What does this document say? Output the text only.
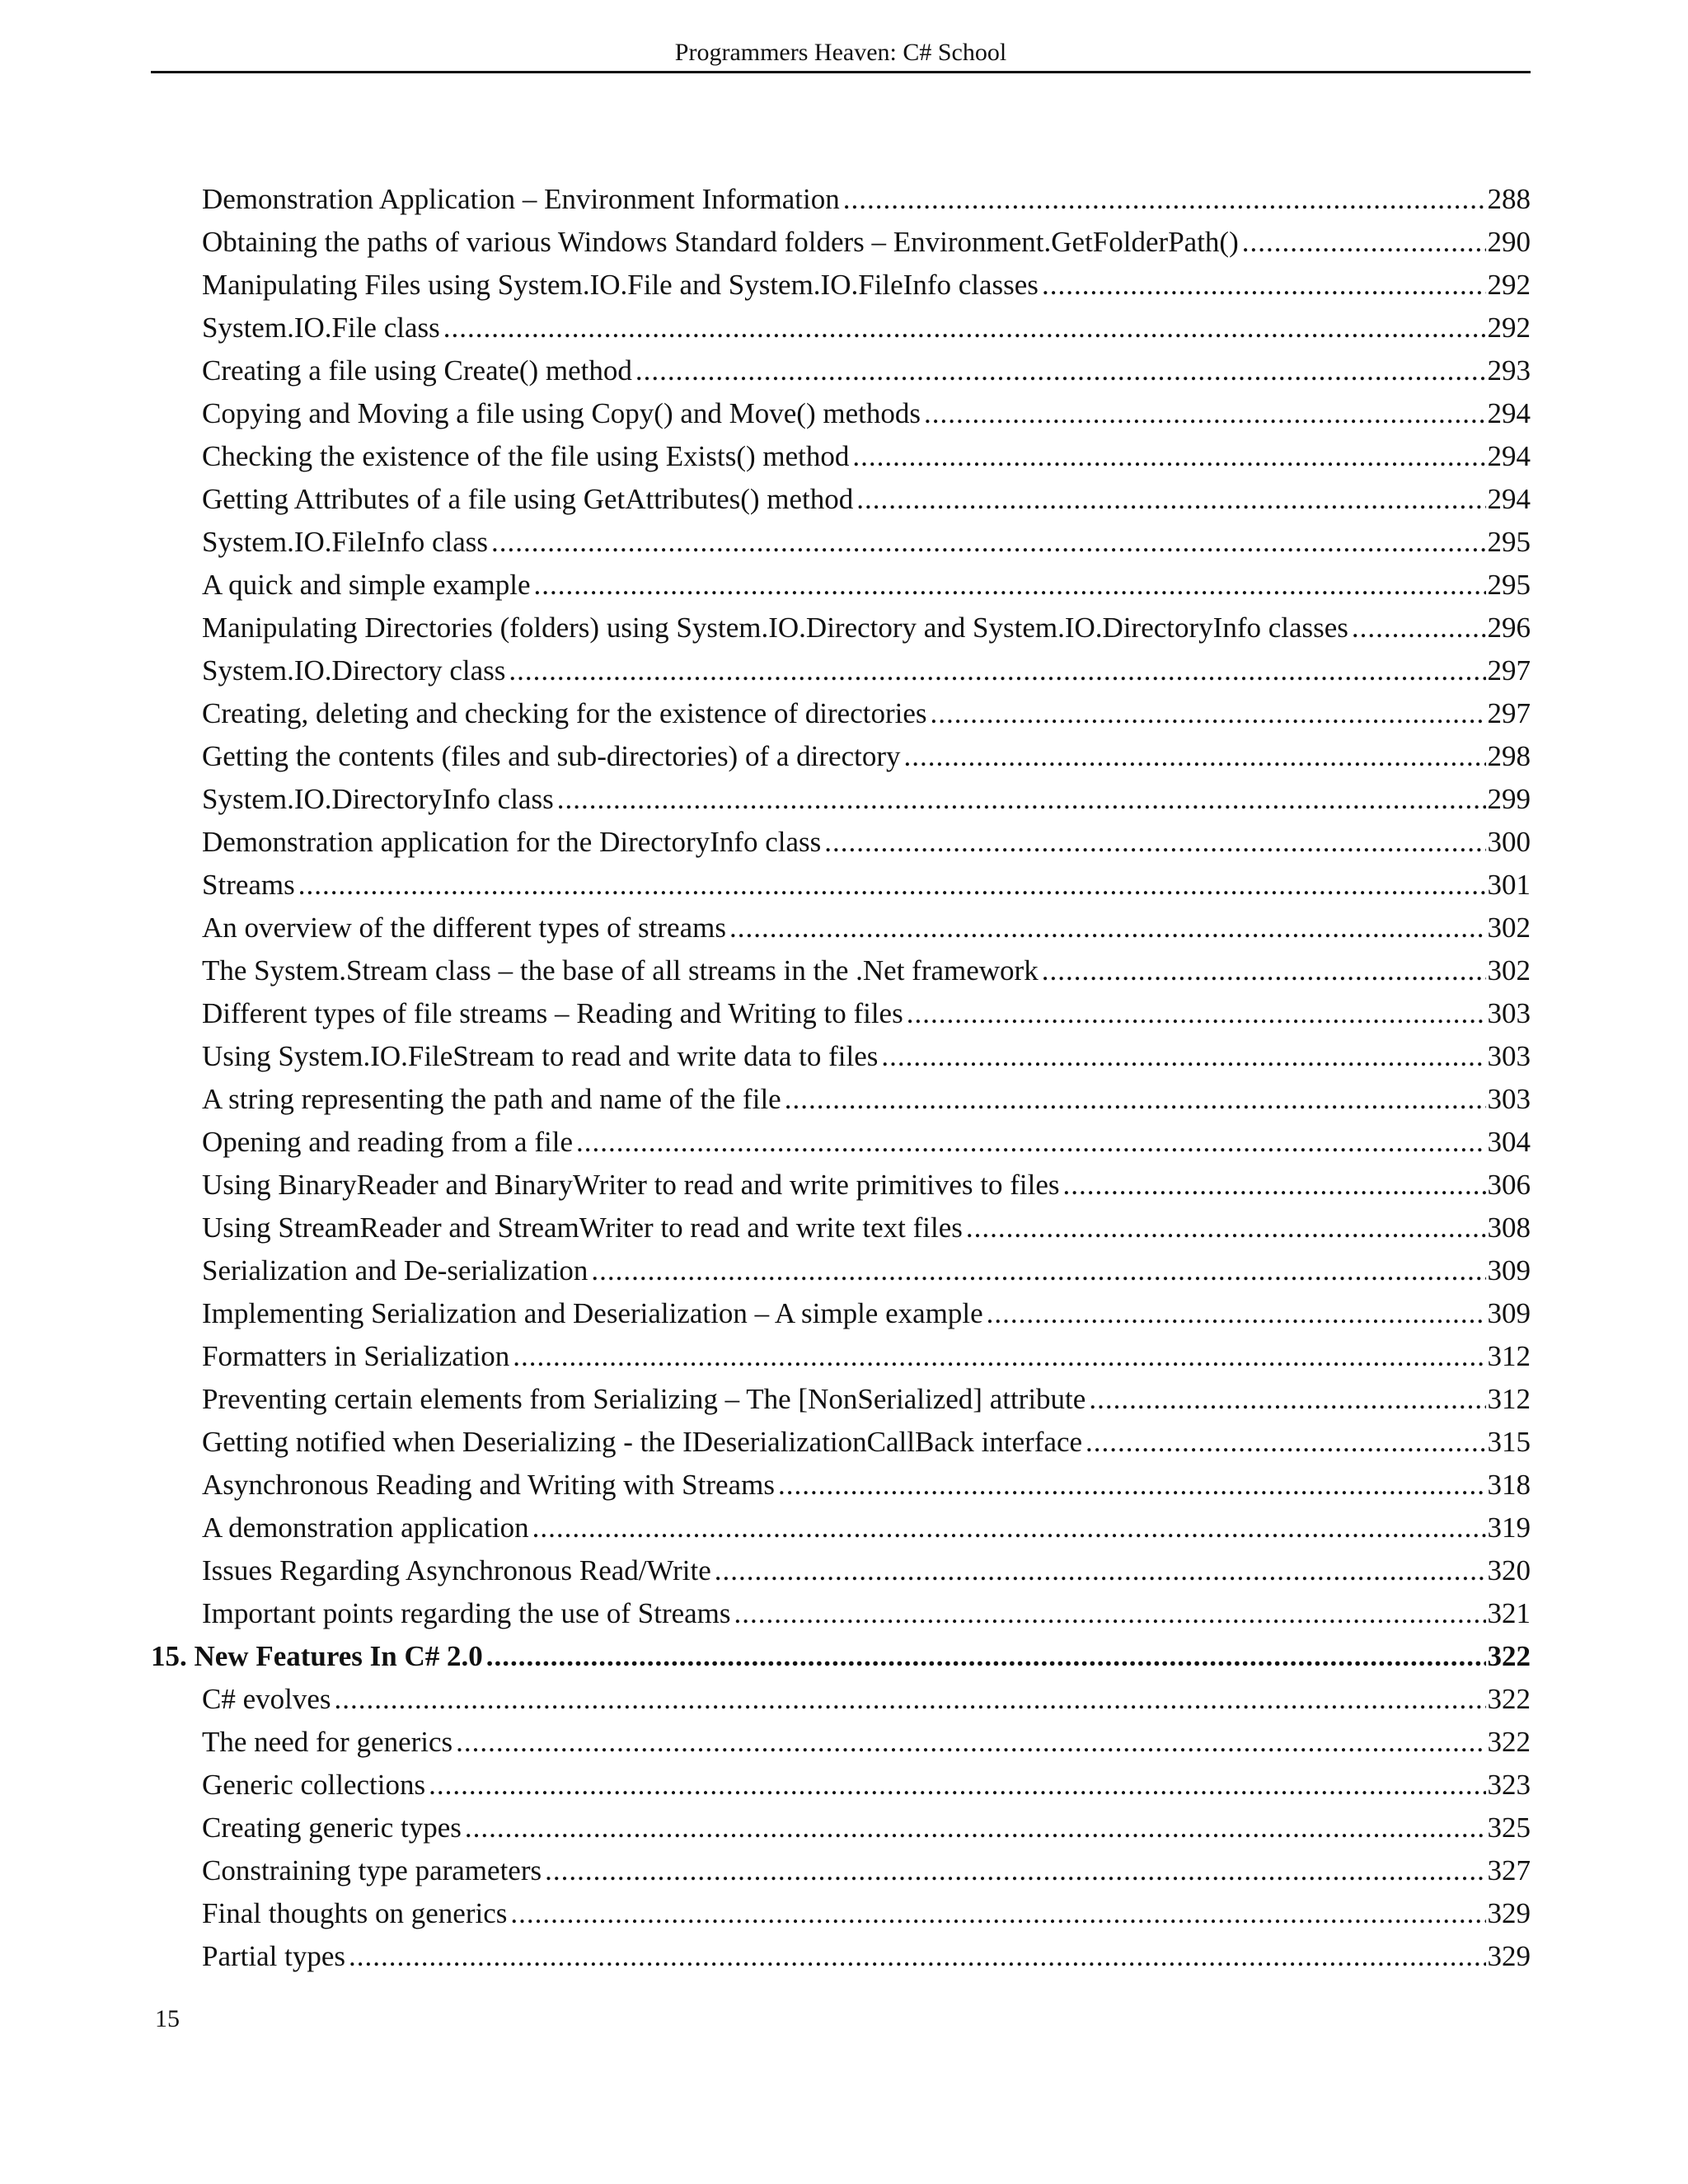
Programmers Heaven: C# School
Demonstration Application – Environment Information .....	288
Obtaining the paths of various Windows Standard folders – Environment.GetFolderPath() .....	290
Manipulating Files using System.IO.File and System.IO.FileInfo classes .....	292
System.IO.File class .....	292
Creating a file using Create() method .....	293
Copying and Moving a file using Copy() and Move() methods .....	294
Checking the existence of the file using Exists() method .....	294
Getting Attributes of a file using GetAttributes() method .....	294
System.IO.FileInfo class .....	295
A quick and simple example .....	295
Manipulating Directories (folders) using System.IO.Directory and System.IO.DirectoryInfo classes .....	296
System.IO.Directory class .....	297
Creating, deleting and checking for the existence of directories .....	297
Getting the contents (files and sub-directories) of a directory .....	298
System.IO.DirectoryInfo class .....	299
Demonstration application for the DirectoryInfo class .....	300
Streams .....	301
An overview of the different types of streams .....	302
The System.Stream class – the base of all streams in the .Net framework .....	302
Different types of file streams – Reading and Writing to files .....	303
Using System.IO.FileStream to read and write data to files .....	303
A string representing the path and name of the file .....	303
Opening and reading from a file .....	304
Using BinaryReader and BinaryWriter to read and write primitives to files .....	306
Using StreamReader and StreamWriter to read and write text files .....	308
Serialization and De-serialization .....	309
Implementing Serialization and Deserialization – A simple example .....	309
Formatters in Serialization .....	312
Preventing certain elements from Serializing – The [NonSerialized] attribute .....	312
Getting notified when Deserializing - the IDeserializationCallBack interface .....	315
Asynchronous Reading and Writing with Streams .....	318
A demonstration application .....	319
Issues Regarding Asynchronous Read/Write .....	320
Important points regarding the use of Streams .....	321
15. New Features In C# 2.0 .....	322
C# evolves .....	322
The need for generics .....	322
Generic collections .....	323
Creating generic types .....	325
Constraining type parameters .....	327
Final thoughts on generics .....	329
Partial types .....	329
15
